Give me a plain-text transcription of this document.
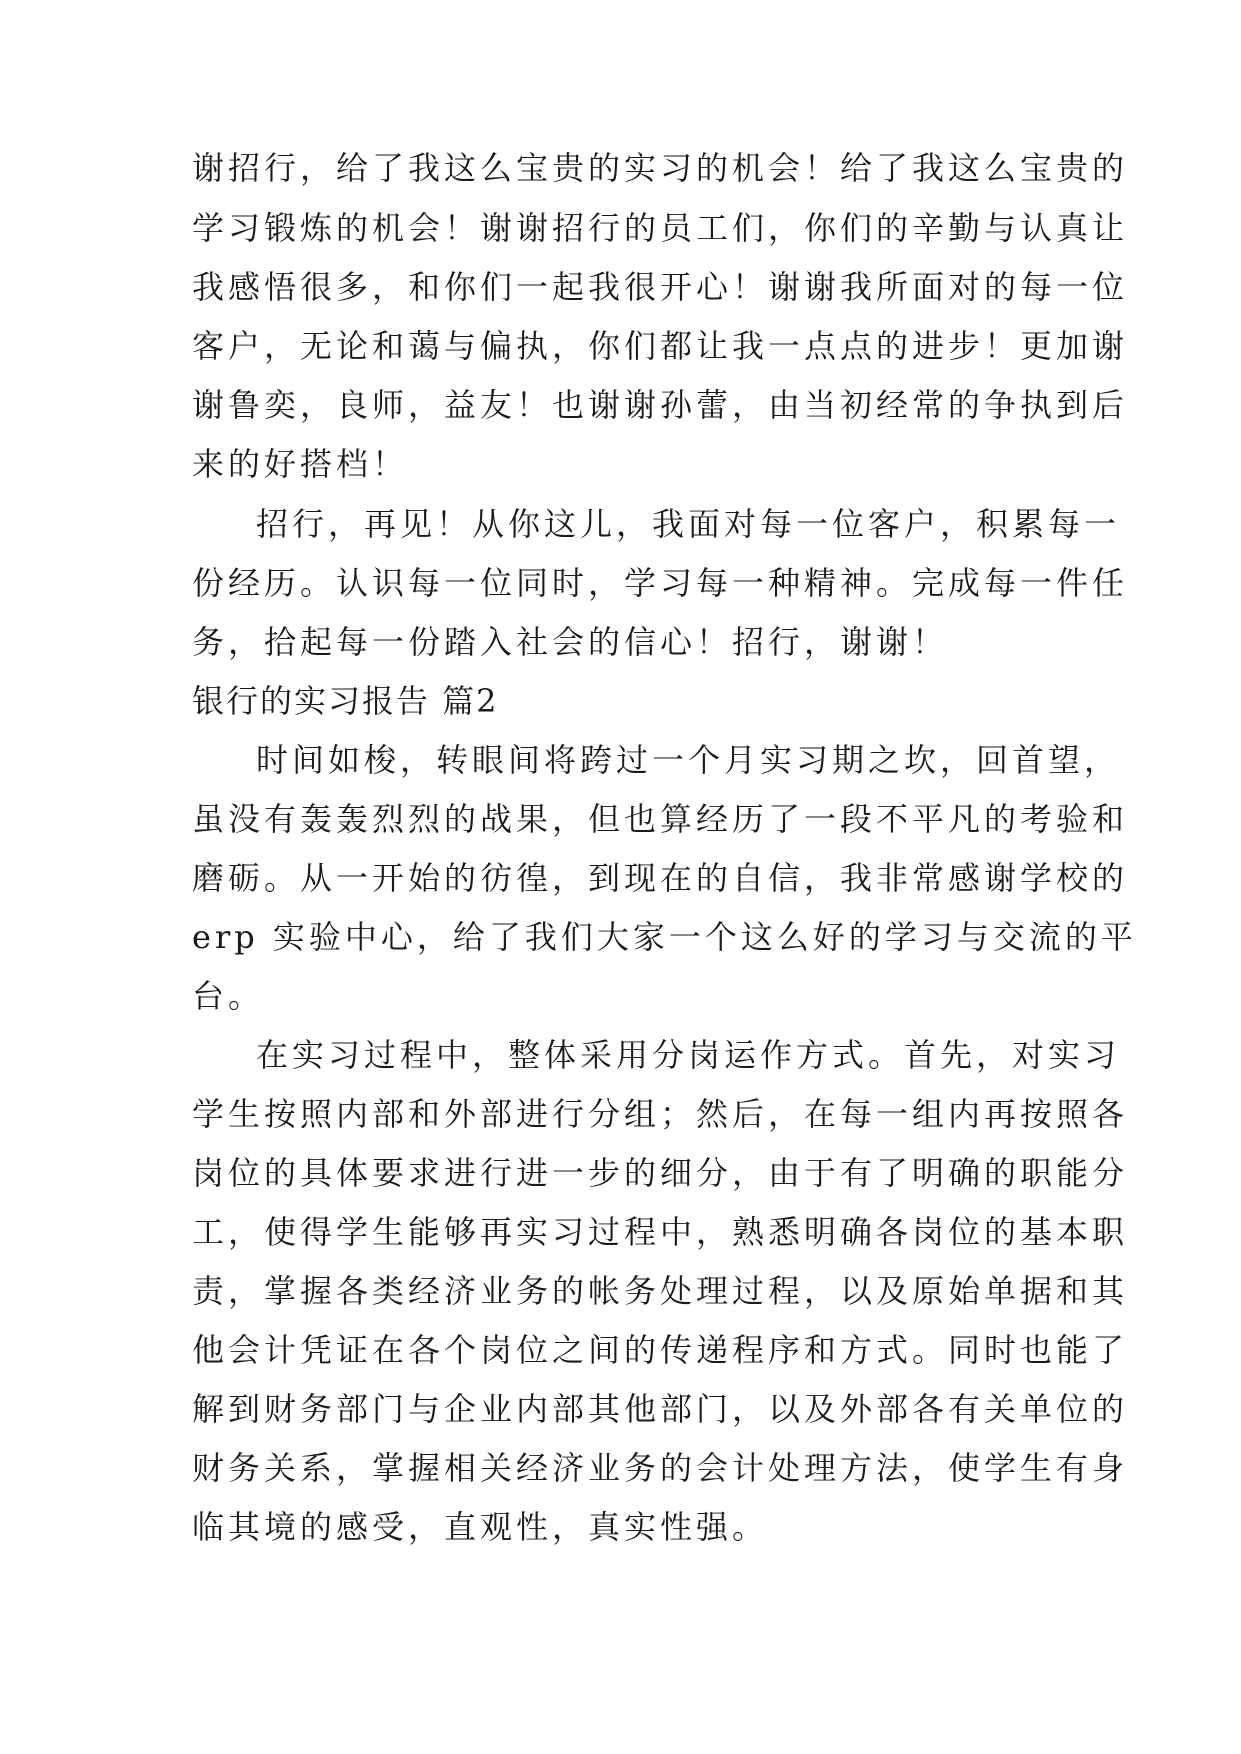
谢招行，给了我这么宝贵的实习的机会！给了我这么宝贵的
学习锻炼的机会！谢谢招行的员工们，你们的辛勤与认真让
我感悟很多，和你们一起我很开心！谢谢我所面对的每一位
客户，无论和蔼与偏执，你们都让我一点点的进步！更加谢
谢鲁奕，良师，益友！也谢谢孙蕾，由当初经常的争执到后
来的好搭档！
招行，再见！从你这儿，我面对每一位客户，积累每一
份经历。认识每一位同时，学习每一种精神。完成每一件任
务，拾起每一份踏入社会的信心！招行，谢谢！
银行的实习报告 篇2
时间如梭，转眼间将跨过一个月实习期之坎，回首望，
虽没有轰轰烈烈的战果，但也算经历了一段不平凡的考验和
磨砺。从一开始的彷徨，到现在的自信，我非常感谢学校的
erp 实验中心，给了我们大家一个这么好的学习与交流的平
台。
在实习过程中，整体采用分岗运作方式。首先，对实习
学生按照内部和外部进行分组；然后，在每一组内再按照各
岗位的具体要求进行进一步的细分，由于有了明确的职能分
工，使得学生能够再实习过程中，熟悉明确各岗位的基本职
责，掌握各类经济业务的帐务处理过程，以及原始单据和其
他会计凭证在各个岗位之间的传递程序和方式。同时也能了
解到财务部门与企业内部其他部门，以及外部各有关单位的
财务关系，掌握相关经济业务的会计处理方法，使学生有身
临其境的感受，直观性，真实性强。
